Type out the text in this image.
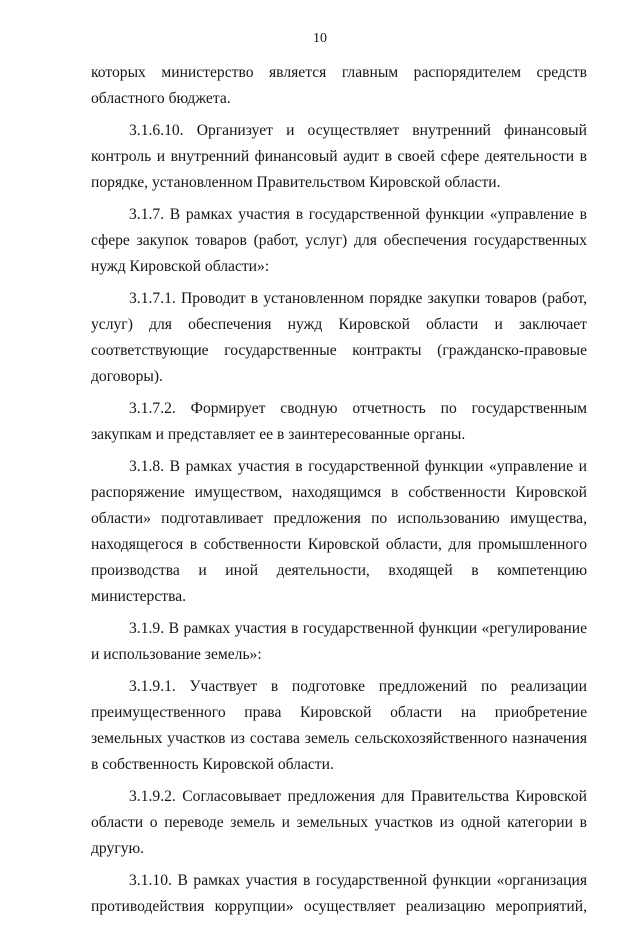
10

которых министерство является главным распорядителем средств областного бюджета.

3.1.6.10. Организует и осуществляет внутренний финансовый контроль и внутренний финансовый аудит в своей сфере деятельности в порядке, установленном Правительством Кировской области.

3.1.7. В рамках участия в государственной функции «управление в сфере закупок товаров (работ, услуг) для обеспечения государственных нужд Кировской области»:

3.1.7.1. Проводит в установленном порядке закупки товаров (работ, услуг) для обеспечения нужд Кировской области и заключает соответствующие государственные контракты (гражданско-правовые договоры).

3.1.7.2. Формирует сводную отчетность по государственным закупкам и представляет ее в заинтересованные органы.

3.1.8. В рамках участия в государственной функции «управление и распоряжение имуществом, находящимся в собственности Кировской области» подготавливает предложения по использованию имущества, находящегося в собственности Кировской области, для промышленного производства и иной деятельности, входящей в компетенцию министерства.

3.1.9. В рамках участия в государственной функции «регулирование и использование земель»:

3.1.9.1. Участвует в подготовке предложений по реализации преимущественного права Кировской области на приобретение земельных участков из состава земель сельскохозяйственного назначения в собственность Кировской области.

3.1.9.2. Согласовывает предложения для Правительства Кировской области о переводе земель и земельных участков из одной категории в другую.

3.1.10. В рамках участия в государственной функции «организация противодействия коррупции» осуществляет реализацию мероприятий,
